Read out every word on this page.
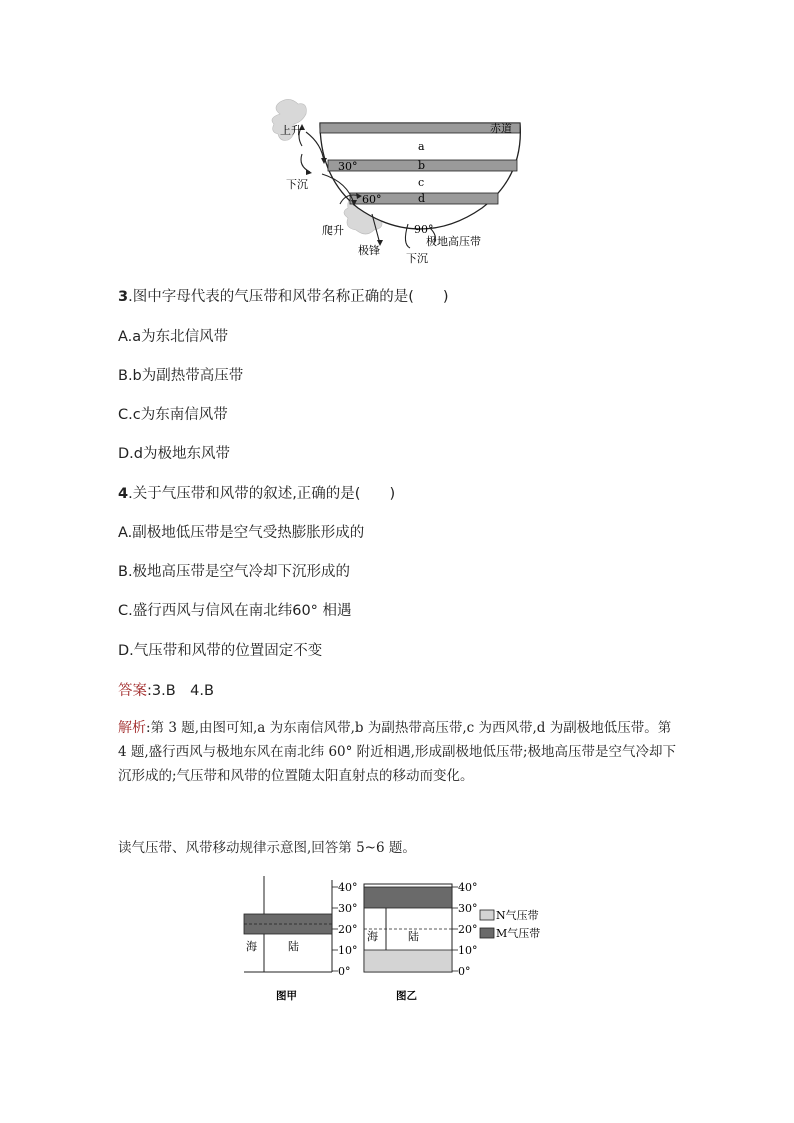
上升	赤道
a
b
c
d
30°
60°
90°
下沉
爬升
极锋
下沉
极地高压带
3.图中字母代表的气压带和风带名称正确的是(　　)
A.a为东北信风带
B.b为副热带高压带
C.c为东南信风带
D.d为极地东风带
4.关于气压带和风带的叙述,正确的是(　　)
A.副极地低压带是空气受热膨胀形成的
B.极地高压带是空气冷却下沉形成的
C.盛行西风与信风在南北纬60° 相遇
D.气压带和风带的位置固定不变
答案:3.B　4.B
解析:第 3 题,由图可知,a 为东南信风带,b 为副热带高压带,c 为西风带,d 为副极地低压带。第 4 题,盛行西风与极地东风在南北纬 60° 附近相遇,形成副极地低压带;极地高压带是空气冷却下沉形成的;气压带和风带的位置随太阳直射点的移动而变化。
读气压带、风带移动规律示意图,回答第 5~6 题。
海	陆
图甲
40°
30°
20°
10°
0°
海	陆
图乙
40°
30°
20°
10°
0°
N气压带
M气压带
